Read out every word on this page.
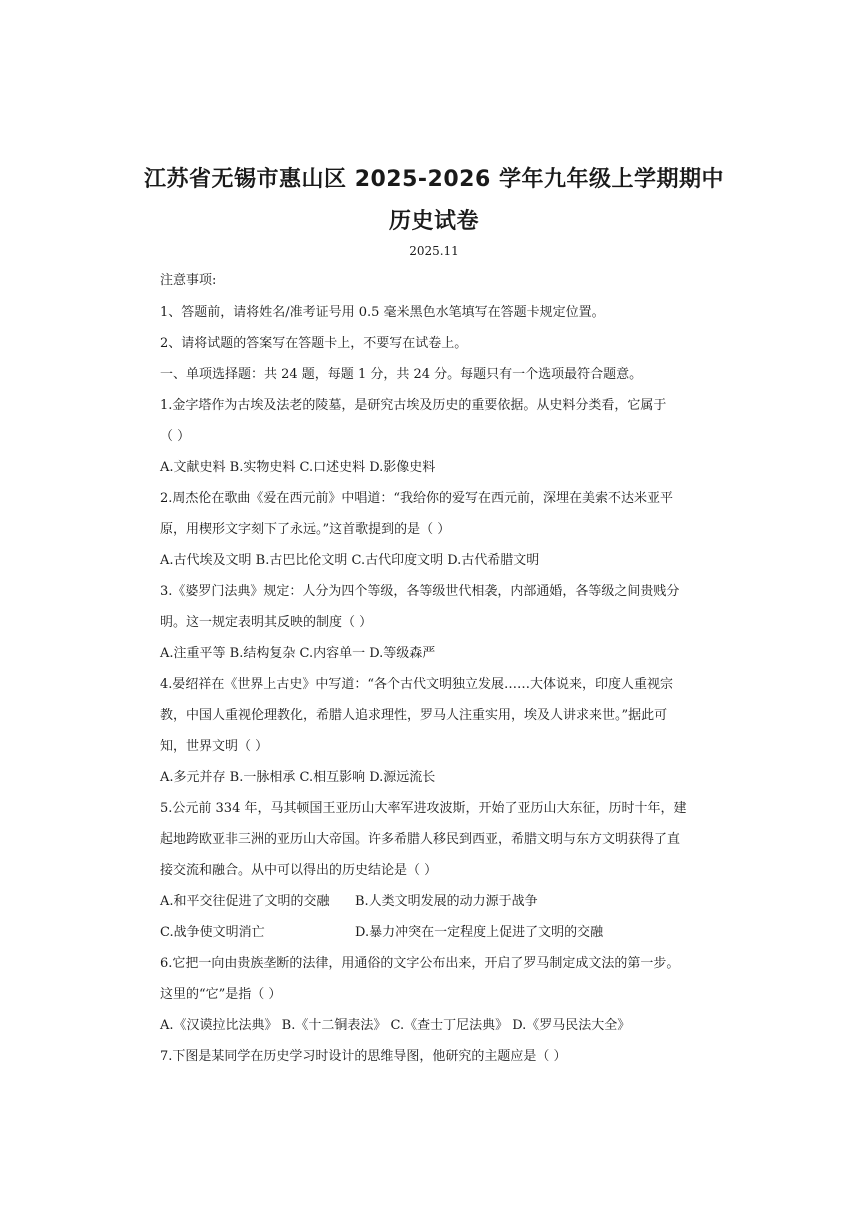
江苏省无锡市惠山区 2025-2026 学年九年级上学期期中
历史试卷
2025.11
注意事项:
1、答题前，请将姓名/准考证号用 0.5 毫米黑色水笔填写在答题卡规定位置。
2、请将试题的答案写在答题卡上，不要写在试卷上。
一、单项选择题：共 24 题，每题 1 分，共 24 分。每题只有一个选项最符合题意。
1.金字塔作为古埃及法老的陵墓，是研究古埃及历史的重要依据。从史料分类看，它属于
（ ）
A.文献史料 B.实物史料 C.口述史料 D.影像史料
2.周杰伦在歌曲《爱在西元前》中唱道：“我给你的爱写在西元前，深埋在美索不达米亚平
原，用楔形文字刻下了永远。”这首歌提到的是（ ）
A.古代埃及文明 B.古巴比伦文明 C.古代印度文明 D.古代希腊文明
3.《婆罗门法典》规定：人分为四个等级，各等级世代相袭，内部通婚，各等级之间贵贱分
明。这一规定表明其反映的制度（ ）
A.注重平等 B.结构复杂 C.内容单一 D.等级森严
4.晏绍祥在《世界上古史》中写道：“各个古代文明独立发展……大体说来，印度人重视宗
教，中国人重视伦理教化，希腊人追求理性，罗马人注重实用，埃及人讲求来世。”据此可
知，世界文明（ ）
A.多元并存 B.一脉相承 C.相互影响 D.源远流长
5.公元前 334 年，马其顿国王亚历山大率军进攻波斯，开始了亚历山大东征，历时十年，建
起地跨欧亚非三洲的亚历山大帝国。许多希腊人移民到西亚，希腊文明与东方文明获得了直
接交流和融合。从中可以得出的历史结论是（ ）
A.和平交往促进了文明的交融 B.人类文明发展的动力源于战争
C.战争使文明消亡	D.暴力冲突在一定程度上促进了文明的交融
6.它把一向由贵族垄断的法律，用通俗的文字公布出来，开启了罗马制定成文法的第一步。
这里的“它”是指（ ）
A.《汉谟拉比法典》 B.《十二铜表法》 C.《查士丁尼法典》 D.《罗马民法大全》
7.下图是某同学在历史学习时设计的思维导图，他研究的主题应是（ ）
